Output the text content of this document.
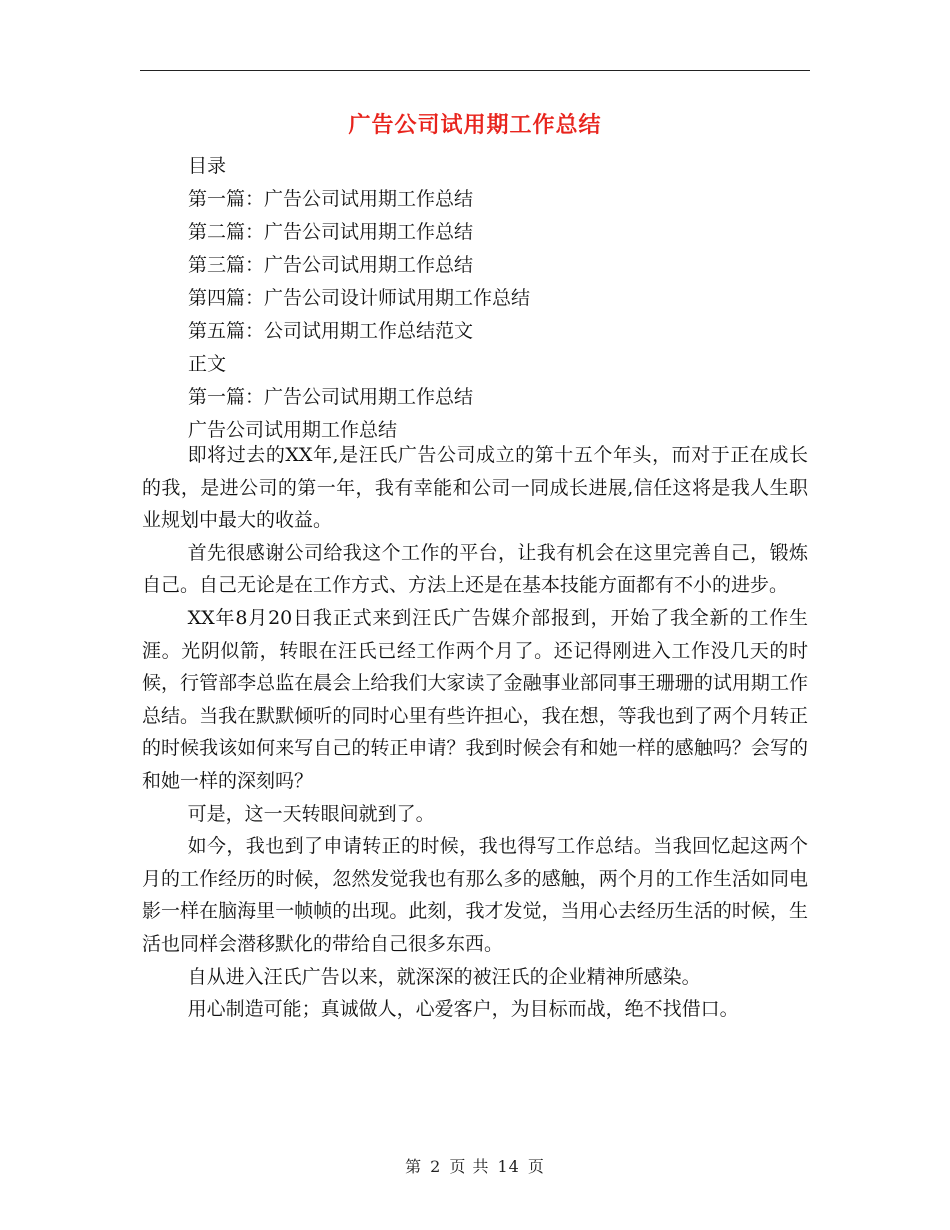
广告公司试用期工作总结
目录
第一篇：广告公司试用期工作总结
第二篇：广告公司试用期工作总结
第三篇：广告公司试用期工作总结
第四篇：广告公司设计师试用期工作总结
第五篇：公司试用期工作总结范文
正文
第一篇：广告公司试用期工作总结
广告公司试用期工作总结

即将过去的XX年,是汪氏广告公司成立的第十五个年头，而对于正在成长的我，是进公司的第一年，我有幸能和公司一同成长进展,信任这将是我人生职业规划中最大的收益。

首先很感谢公司给我这个工作的平台，让我有机会在这里完善自己，锻炼自己。自己无论是在工作方式、方法上还是在基本技能方面都有不小的进步。

XX年8月20日我正式来到汪氏广告媒介部报到，开始了我全新的工作生涯。光阴似箭，转眼在汪氏已经工作两个月了。还记得刚进入工作没几天的时候，行管部李总监在晨会上给我们大家读了金融事业部同事王珊珊的试用期工作总结。当我在默默倾听的同时心里有些许担心，我在想，等我也到了两个月转正的时候我该如何来写自己的转正申请？我到时候会有和她一样的感触吗？会写的和她一样的深刻吗？

可是，这一天转眼间就到了。

如今，我也到了申请转正的时候，我也得写工作总结。当我回忆起这两个月的工作经历的时候，忽然发觉我也有那么多的感触，两个月的工作生活如同电影一样在脑海里一帧帧的出现。此刻，我才发觉，当用心去经历生活的时候，生活也同样会潜移默化的带给自己很多东西。

自从进入汪氏广告以来，就深深的被汪氏的企业精神所感染。

用心制造可能；真诚做人，心爱客户，为目标而战，绝不找借口。

第 2 页 共 14 页
